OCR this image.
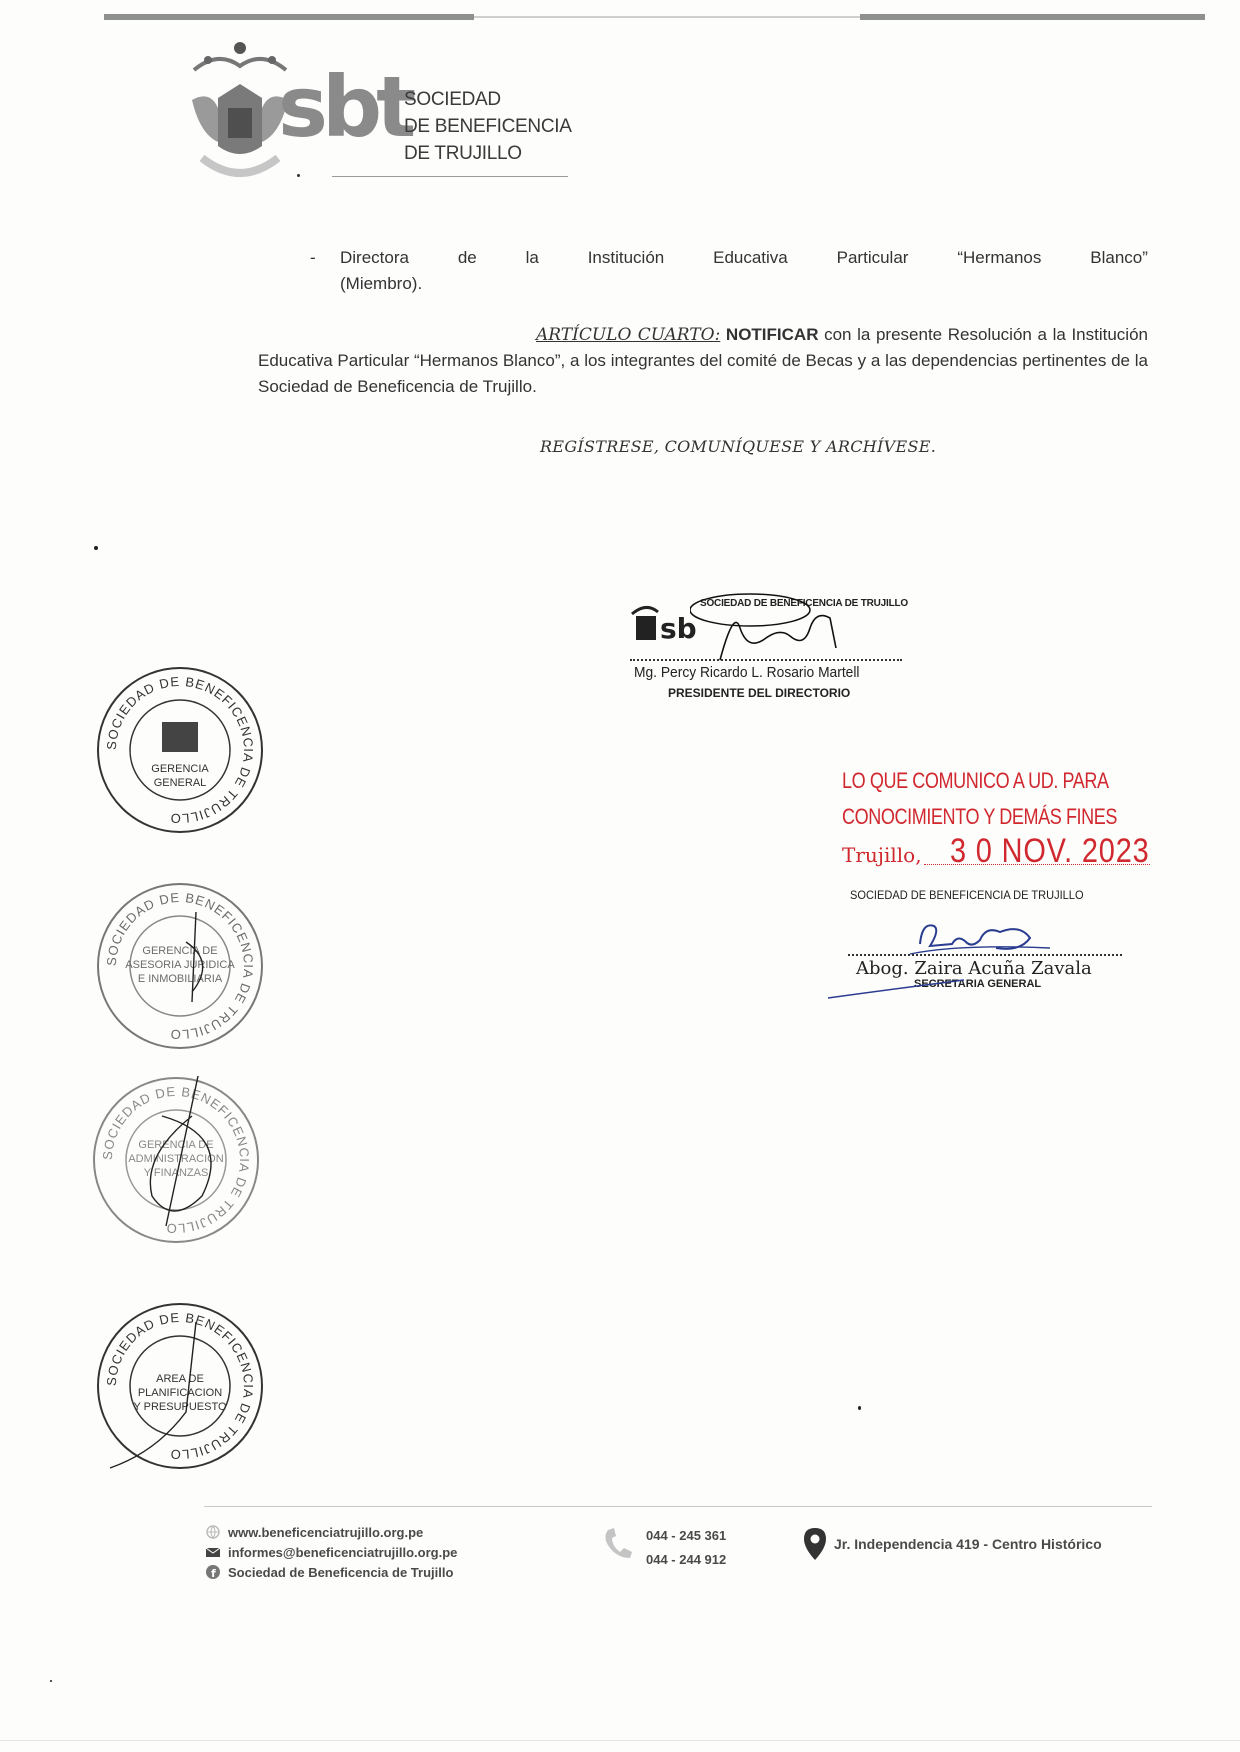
sbt
SOCIEDAD
DE BENEFICENCIA
DE TRUJILLO
- Directora	de	la	Institución	Educativa	Particular	“Hermanos	Blanco”
(Miembro).
ARTÍCULO CUARTO: NOTIFICAR con la presente Resolución a la Institución Educativa Particular “Hermanos Blanco”, a los integrantes del comité de Becas y a las dependencias pertinentes de la Sociedad de Beneficencia de Trujillo.
REGÍSTRESE, COMUNÍQUESE Y ARCHÍVESE.
sb
SOCIEDAD DE BENEFICENCIA DE TRUJILLO
Mg. Percy Ricardo L. Rosario Martell
PRESIDENTE DEL DIRECTORIO
LO QUE COMUNICO A UD. PARA
CONOCIMIENTO Y DEMÁS FINES
Trujillo, 3 0 NOV. 2023
SOCIEDAD DE BENEFICENCIA DE TRUJILLO
Abog. Zaira Acuña Zavala
SECRETARIA GENERAL
SOCIEDAD DE BENEFICENCIA DE TRUJILLO
GERENCIA
GENERAL
SOCIEDAD DE BENEFICENCIA DE TRUJILLO
GERENCIA DE
ASESORIA JURIDICA
E INMOBILIARIA
SOCIEDAD DE BENEFICENCIA DE TRUJILLO
GERENCIA DE
ADMINISTRACION
Y FINANZAS
SOCIEDAD DE BENEFICENCIA DE TRUJILLO
AREA DE
PLANIFICACION
Y PRESUPUESTO
www.beneficenciatrujillo.org.pe
informes@beneficenciatrujillo.org.pe
f Sociedad de Beneficencia de Trujillo
044 - 245 361
044 - 244 912
Jr. Independencia 419 - Centro Histórico
